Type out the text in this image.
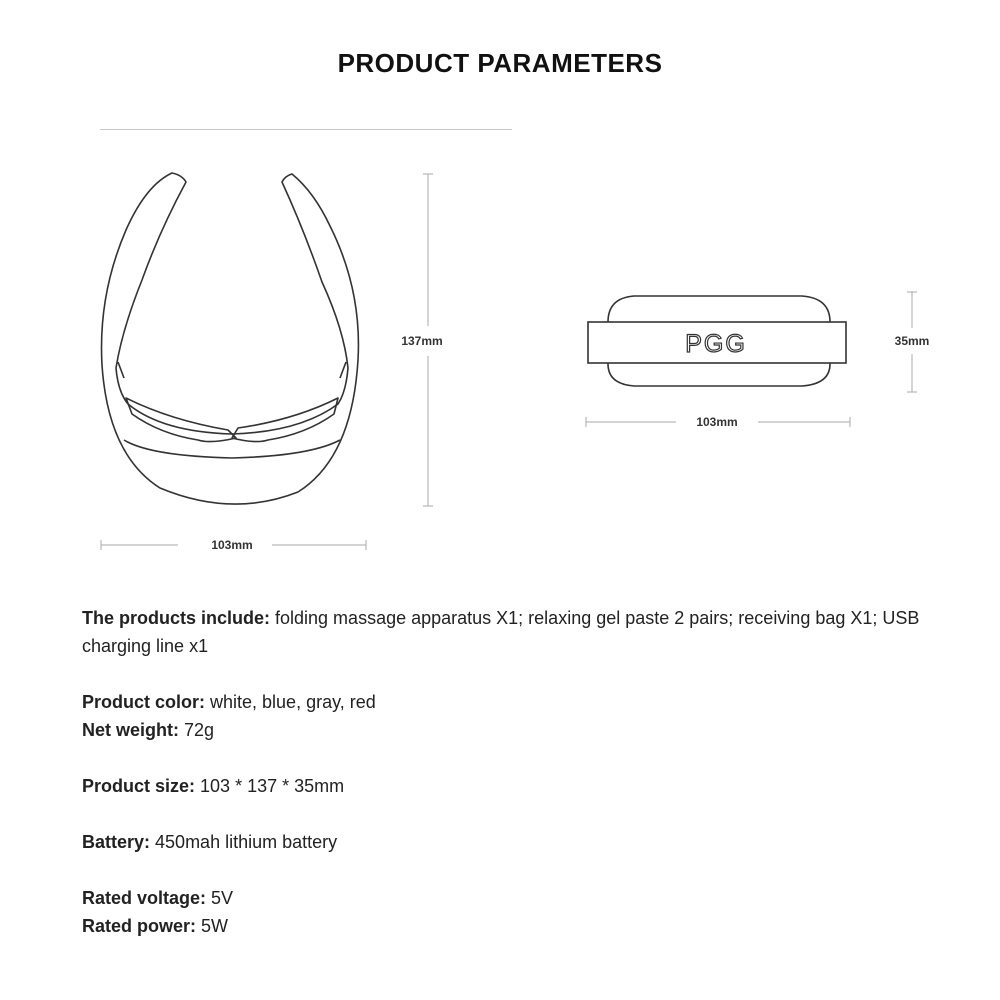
PRODUCT PARAMETERS
137mm
103mm
PGG	35mm
103mm

The products include: folding massage apparatus X1; relaxing gel paste 2 pairs; receiving bag X1; USB charging line x1

Product color: white, blue, gray, red

Net weight: 72g

Product size: 103 * 137 * 35mm

Battery: 450mah lithium battery

Rated voltage: 5V

Rated power: 5W
